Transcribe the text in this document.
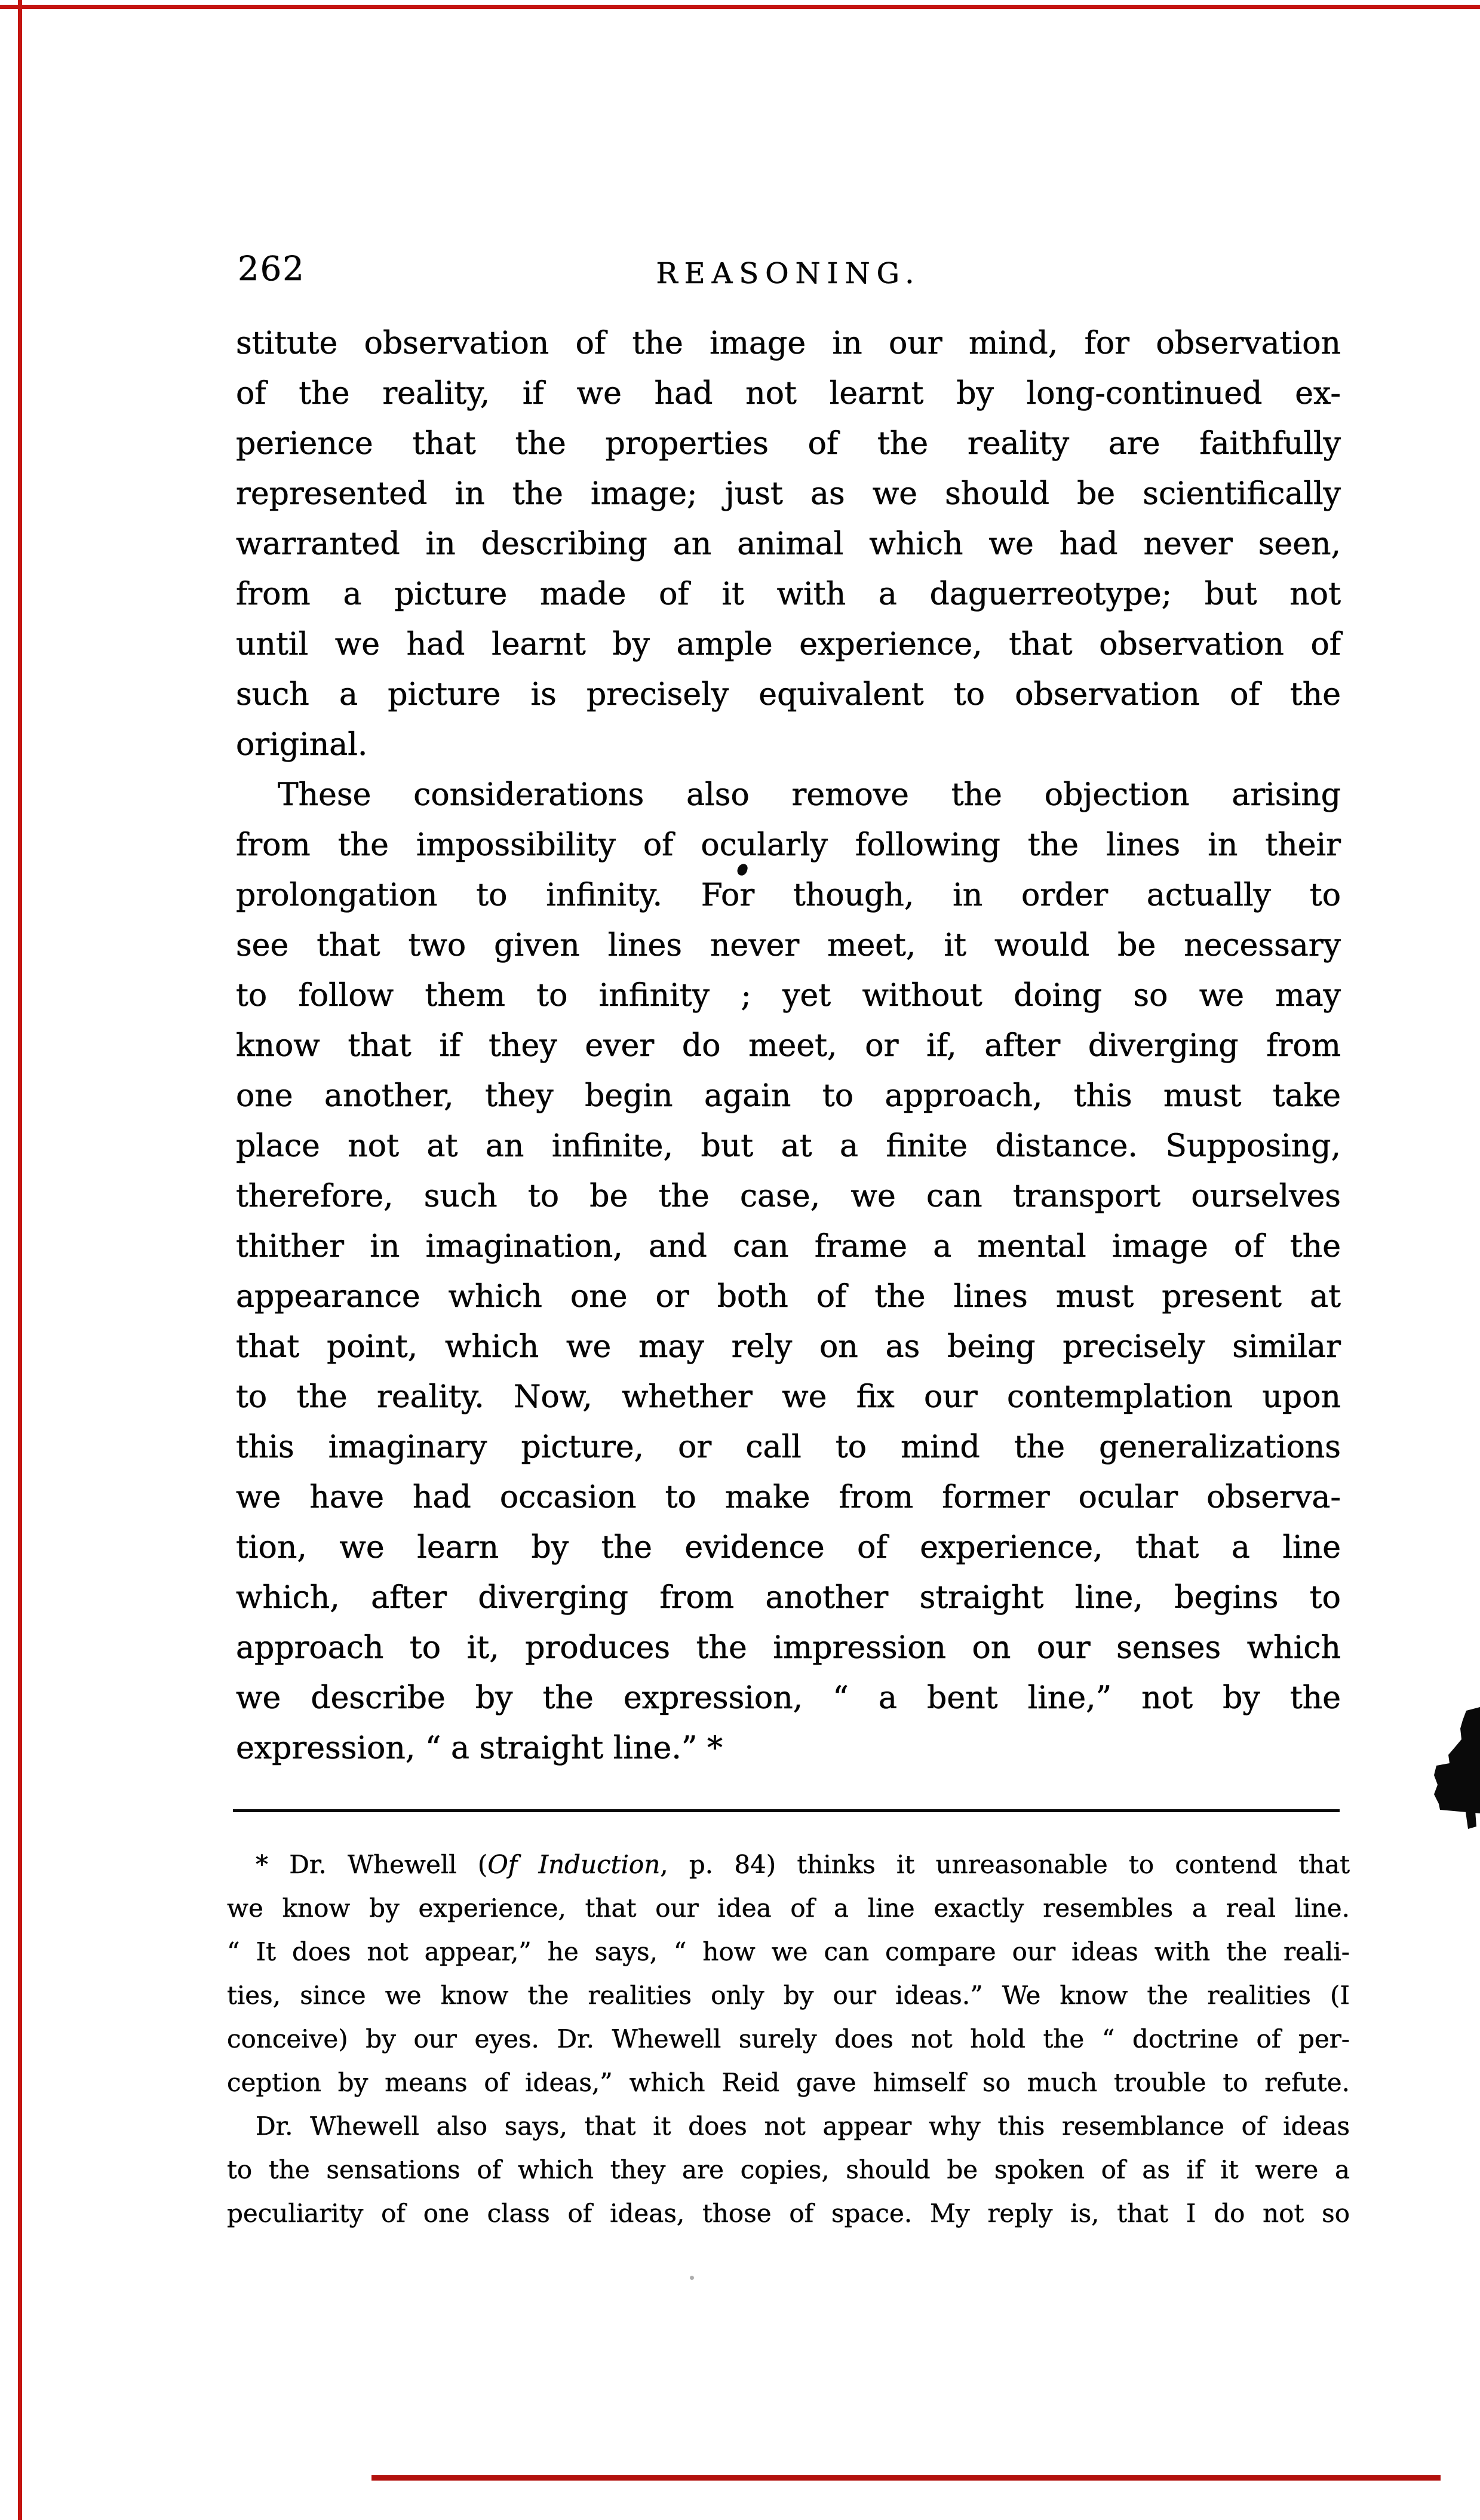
262	REASONING.
stitute observation of the image in our mind, for observation
of the reality, if we had not learnt by long-continued ex-
perience that the properties of the reality are faithfully
represented in the image; just as we should be scientifically
warranted in describing an animal which we had never seen,
from a picture made of it with a daguerreotype; but not
until we had learnt by ample experience, that observation of
such a picture is precisely equivalent to observation of the
original.
These considerations also remove the objection arising
from the impossibility of ocularly following the lines in their
prolongation to infinity. For though, in order actually to
see that two given lines never meet, it would be necessary
to follow them to infinity ; yet without doing so we may
know that if they ever do meet, or if, after diverging from
one another, they begin again to approach, this must take
place not at an infinite, but at a finite distance. Supposing,
therefore, such to be the case, we can transport ourselves
thither in imagination, and can frame a mental image of the
appearance which one or both of the lines must present at
that point, which we may rely on as being precisely similar
to the reality. Now, whether we fix our contemplation upon
this imaginary picture, or call to mind the generalizations
we have had occasion to make from former ocular observa-
tion, we learn by the evidence of experience, that a line
which, after diverging from another straight line, begins to
approach to it, produces the impression on our senses which
we describe by the expression, “ a bent line,” not by the
expression, “ a straight line.” *
* Dr. Whewell (Of Induction, p. 84) thinks it unreasonable to contend that
we know by experience, that our idea of a line exactly resembles a real line.
“ It does not appear,” he says, “ how we can compare our ideas with the reali-
ties, since we know the realities only by our ideas.” We know the realities (I
conceive) by our eyes. Dr. Whewell surely does not hold the “ doctrine of per-
ception by means of ideas,” which Reid gave himself so much trouble to refute.
Dr. Whewell also says, that it does not appear why this resemblance of ideas
to the sensations of which they are copies, should be spoken of as if it were a
peculiarity of one class of ideas, those of space. My reply is, that I do not so
